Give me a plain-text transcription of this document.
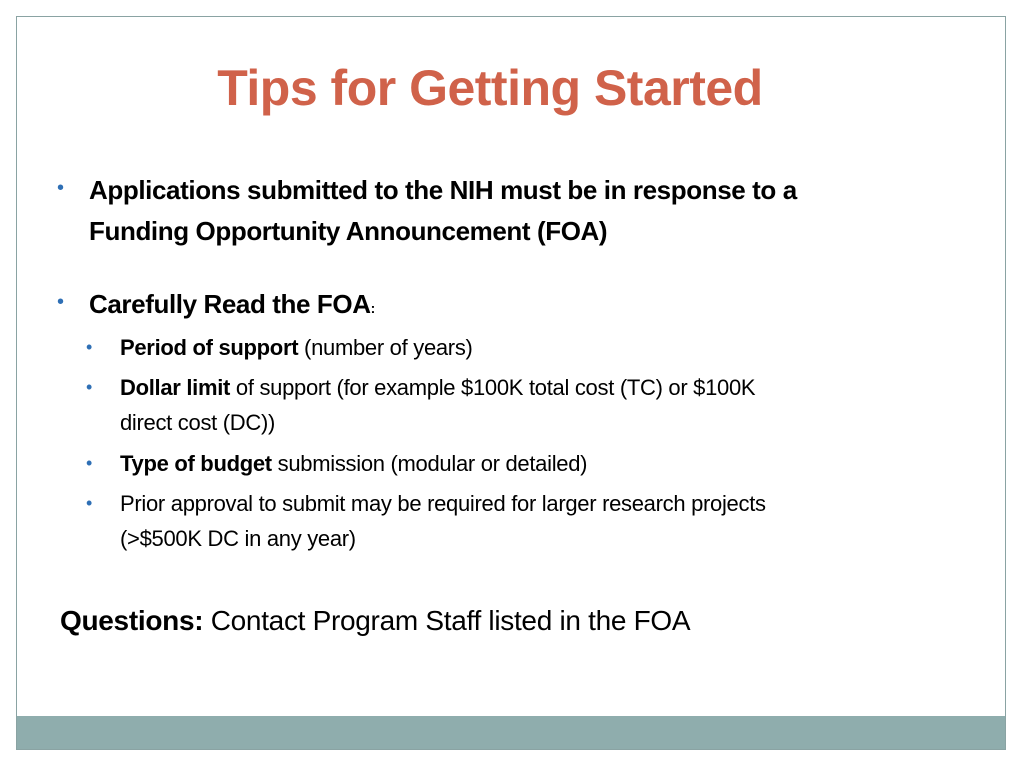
Tips for Getting Started
• Applications submitted to the NIH must be in response to a
Funding Opportunity Announcement (FOA)
• Carefully Read the FOA:
• Period of support (number of years)
• Dollar limit of support (for example $100K total cost (TC) or $100K
direct cost (DC))
• Type of budget submission (modular or detailed)
• Prior approval to submit may be required for larger research projects
(>$500K DC in any year)
Questions: Contact Program Staff listed in the FOA
